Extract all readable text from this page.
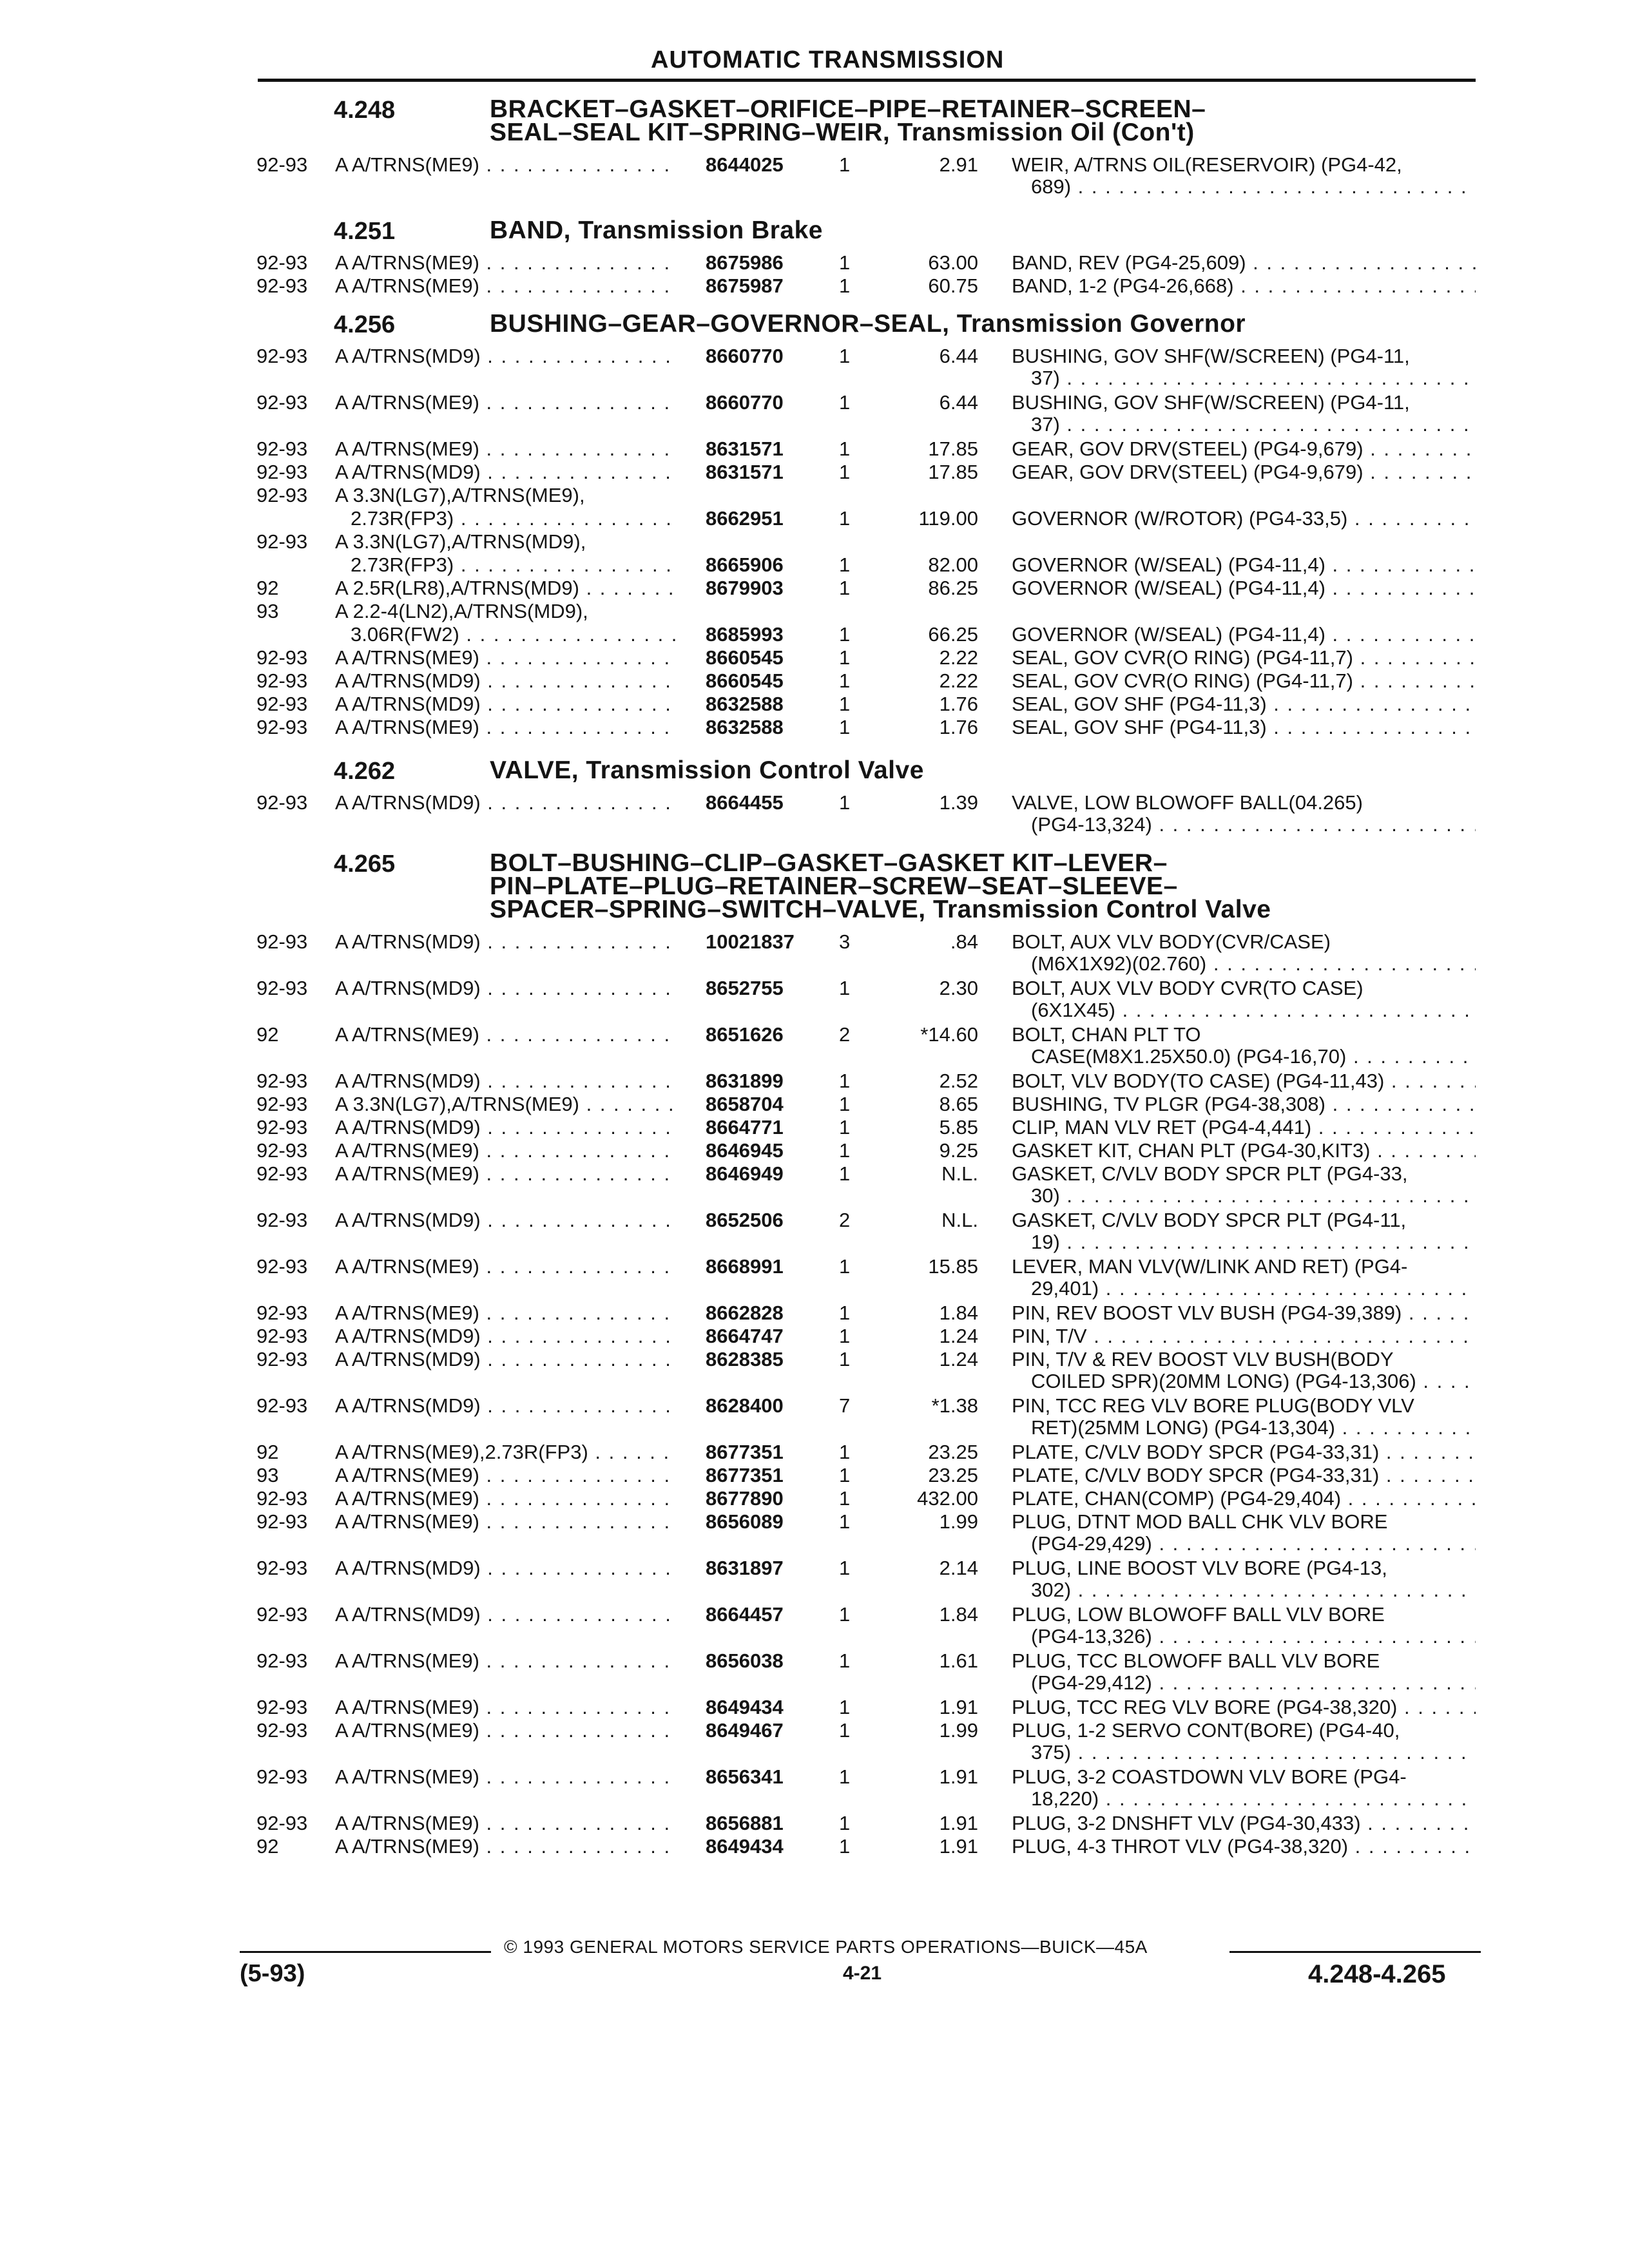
AUTOMATIC TRANSMISSION
4.248	BRACKET–GASKET–ORIFICE–PIPE–RETAINER–SCREEN–
SEAL–SEAL KIT–SPRING–WEIR, Transmission Oil (Con't)
92-93 A A/TRNS(ME9) . . .	8644025	1	2.91 WEIR, A/TRNS OIL(RESERVOIR) (PG4-42,
689) . . .
4.251	BAND, Transmission Brake
92-93 A A/TRNS(ME9) . . .	8675986	1	63.00 BAND, REV (PG4-25,609) . . .
92-93 A A/TRNS(ME9) . . .	8675987	1	60.75 BAND, 1-2 (PG4-26,668) . . .
4.256	BUSHING–GEAR–GOVERNOR–SEAL, Transmission Governor
92-93 A A/TRNS(MD9) . . .	8660770	1	6.44 BUSHING, GOV SHF(W/SCREEN) (PG4-11,
37) . . .
92-93 A A/TRNS(ME9) . . .	8660770	1	6.44 BUSHING, GOV SHF(W/SCREEN) (PG4-11,
37) . . .
92-93 A A/TRNS(ME9) . . .	8631571	1	17.85 GEAR, GOV DRV(STEEL) (PG4-9,679) . . .
92-93 A A/TRNS(MD9) . . .	8631571	1	17.85 GEAR, GOV DRV(STEEL) (PG4-9,679) . . .
92-93 A 3.3N(LG7),A/TRNS(ME9),
2.73R(FP3) . . .	8662951	1	119.00 GOVERNOR (W/ROTOR) (PG4-33,5) . . .
92-93 A 3.3N(LG7),A/TRNS(MD9),
2.73R(FP3) . . .	8665906	1	82.00 GOVERNOR (W/SEAL) (PG4-11,4) . . .
92	A 2.5R(LR8),A/TRNS(MD9) . . .	8679903	1	86.25 GOVERNOR (W/SEAL) (PG4-11,4) . . .
93	A 2.2-4(LN2),A/TRNS(MD9),
3.06R(FW2) . . .	8685993	1	66.25 GOVERNOR (W/SEAL) (PG4-11,4) . . .
92-93 A A/TRNS(ME9) . . .	8660545	1	2.22 SEAL, GOV CVR(O RING) (PG4-11,7) . . .
92-93 A A/TRNS(MD9) . . .	8660545	1	2.22 SEAL, GOV CVR(O RING) (PG4-11,7) . . .
92-93 A A/TRNS(MD9) . . .	8632588	1	1.76 SEAL, GOV SHF (PG4-11,3) . . .
92-93 A A/TRNS(ME9) . . .	8632588	1	1.76 SEAL, GOV SHF (PG4-11,3) . . .
4.262	VALVE, Transmission Control Valve
92-93 A A/TRNS(MD9) . . .	8664455	1	1.39 VALVE, LOW BLOWOFF BALL(04.265)
(PG4-13,324) . . .
4.265	BOLT–BUSHING–CLIP–GASKET–GASKET KIT–LEVER–
PIN–PLATE–PLUG–RETAINER–SCREW–SEAT–SLEEVE–
SPACER–SPRING–SWITCH–VALVE, Transmission Control Valve
92-93 A A/TRNS(MD9) . . .	10021837 3	.84 BOLT, AUX VLV BODY(CVR/CASE)
(M6X1X92)(02.760) . . .
92-93 A A/TRNS(MD9) . . .	8652755	1	2.30 BOLT, AUX VLV BODY CVR(TO CASE)
(6X1X45) . . .
92	A A/TRNS(ME9) . . .	8651626	2	*14.60 BOLT, CHAN PLT TO
CASE(M8X1.25X50.0) (PG4-16,70) . . .
92-93 A A/TRNS(MD9) . . .	8631899	1	2.52 BOLT, VLV BODY(TO CASE) (PG4-11,43) . . .
92-93 A 3.3N(LG7),A/TRNS(ME9) . . .	8658704	1	8.65 BUSHING, TV PLGR (PG4-38,308) . . .
92-93 A A/TRNS(MD9) . . .	8664771	1	5.85 CLIP, MAN VLV RET (PG4-4,441) . . .
92-93 A A/TRNS(ME9) . . .	8646945	1	9.25 GASKET KIT, CHAN PLT (PG4-30,KIT3) . . .
92-93 A A/TRNS(ME9) . . .	8646949	1	N.L. GASKET, C/VLV BODY SPCR PLT (PG4-33,
30) . . .
92-93 A A/TRNS(MD9) . . .	8652506	2	N.L. GASKET, C/VLV BODY SPCR PLT (PG4-11,
19) . . .
92-93 A A/TRNS(ME9) . . .	8668991	1	15.85 LEVER, MAN VLV(W/LINK AND RET) (PG4-
29,401) . . .
92-93 A A/TRNS(ME9) . . .	8662828	1	1.84 PIN, REV BOOST VLV BUSH (PG4-39,389) . . .
92-93 A A/TRNS(MD9) . . .	8664747	1	1.24 PIN, T/V . . .
92-93 A A/TRNS(MD9) . . .	8628385	1	1.24 PIN, T/V & REV BOOST VLV BUSH(BODY
COILED SPR)(20MM LONG) (PG4-13,306) . . .
92-93 A A/TRNS(MD9) . . .	8628400	7	*1.38 PIN, TCC REG VLV BORE PLUG(BODY VLV
RET)(25MM LONG) (PG4-13,304) . . .
92	A A/TRNS(ME9),2.73R(FP3) . . .	8677351	1	23.25 PLATE, C/VLV BODY SPCR (PG4-33,31) . . .
93	A A/TRNS(ME9) . . .	8677351	1	23.25 PLATE, C/VLV BODY SPCR (PG4-33,31) . . .
92-93 A A/TRNS(ME9) . . .	8677890	1	432.00 PLATE, CHAN(COMP) (PG4-29,404) . . .
92-93 A A/TRNS(ME9) . . .	8656089	1	1.99 PLUG, DTNT MOD BALL CHK VLV BORE
(PG4-29,429) . . .
92-93 A A/TRNS(MD9) . . .	8631897	1	2.14 PLUG, LINE BOOST VLV BORE (PG4-13,
302) . . .
92-93 A A/TRNS(MD9) . . .	8664457	1	1.84 PLUG, LOW BLOWOFF BALL VLV BORE
(PG4-13,326) . . .
92-93 A A/TRNS(ME9) . . .	8656038	1	1.61 PLUG, TCC BLOWOFF BALL VLV BORE
(PG4-29,412) . . .
92-93 A A/TRNS(ME9) . . .	8649434	1	1.91 PLUG, TCC REG VLV BORE (PG4-38,320) . . .
92-93 A A/TRNS(ME9) . . .	8649467	1	1.99 PLUG, 1-2 SERVO CONT(BORE) (PG4-40,
375) . . .
92-93 A A/TRNS(ME9) . . .	8656341	1	1.91 PLUG, 3-2 COASTDOWN VLV BORE (PG4-
18,220) . . .
92-93 A A/TRNS(ME9) . . .	8656881	1	1.91 PLUG, 3-2 DNSHFT VLV (PG4-30,433) . . .
92	A A/TRNS(ME9) . . .	8649434	1	1.91 PLUG, 4-3 THROT VLV (PG4-38,320) . . .
© 1993 GENERAL MOTORS SERVICE PARTS OPERATIONS—BUICK—45A
(5-93)	4-21	4.248-4.265
